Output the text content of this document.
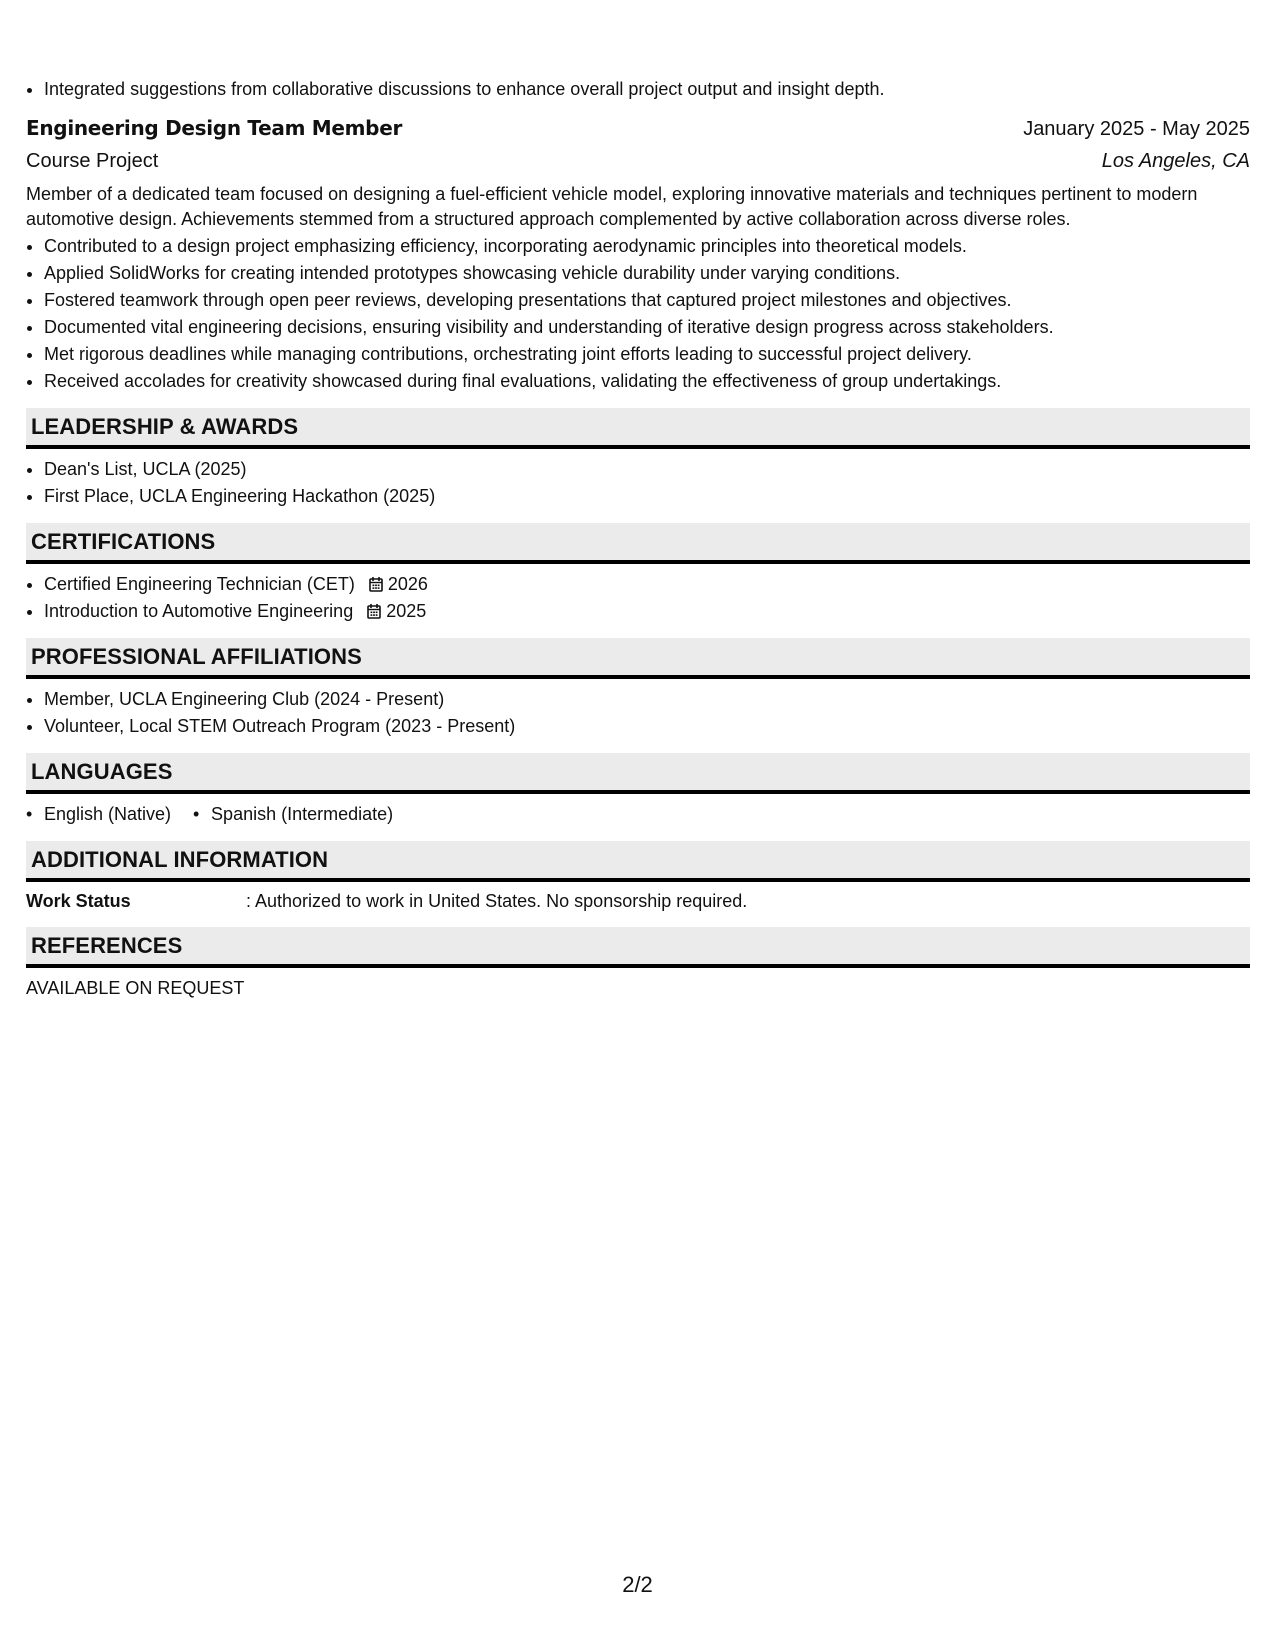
• Integrated suggestions from collaborative discussions to enhance overall project output and insight depth.
Engineering Design Team Member	January 2025 - May 2025
Course Project	Los Angeles, CA
Member of a dedicated team focused on designing a fuel-efficient vehicle model, exploring innovative materials and techniques pertinent to modern automotive design. Achievements stemmed from a structured approach complemented by active collaboration across diverse roles.
• Contributed to a design project emphasizing efficiency, incorporating aerodynamic principles into theoretical models.
• Applied SolidWorks for creating intended prototypes showcasing vehicle durability under varying conditions.
• Fostered teamwork through open peer reviews, developing presentations that captured project milestones and objectives.
• Documented vital engineering decisions, ensuring visibility and understanding of iterative design progress across stakeholders.
• Met rigorous deadlines while managing contributions, orchestrating joint efforts leading to successful project delivery.
• Received accolades for creativity showcased during final evaluations, validating the effectiveness of group undertakings.
LEADERSHIP & AWARDS
• Dean's List, UCLA (2025)
• First Place, UCLA Engineering Hackathon (2025)
CERTIFICATIONS
• Certified Engineering Technician (CET) 2026
• Introduction to Automotive Engineering 2025
PROFESSIONAL AFFILIATIONS
• Member, UCLA Engineering Club (2024 - Present)
• Volunteer, Local STEM Outreach Program (2023 - Present)
LANGUAGES
• English (Native)
•	Spanish (Intermediate)
ADDITIONAL INFORMATION
Work Status	: Authorized to work in United States. No sponsorship required.
REFERENCES
AVAILABLE ON REQUEST
2/2
